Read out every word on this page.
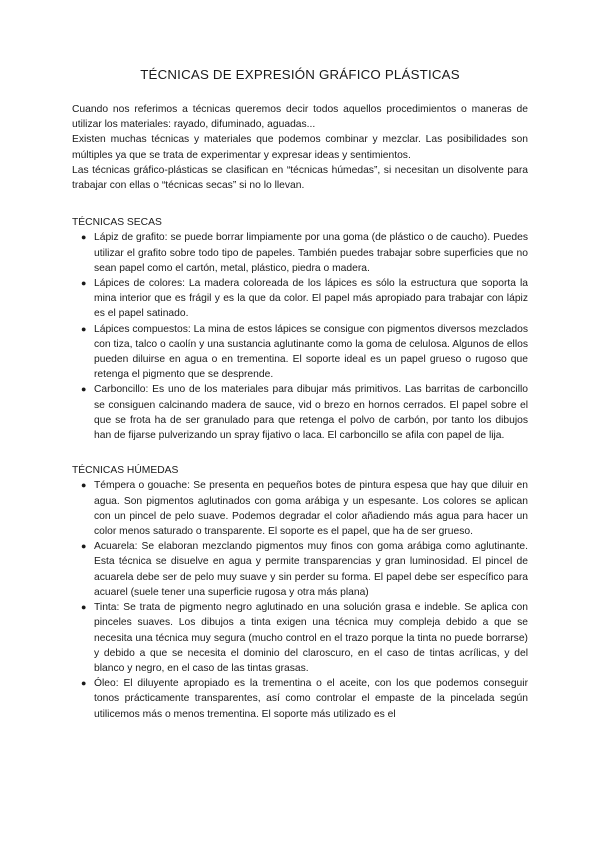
TÉCNICAS DE EXPRESIÓN GRÁFICO PLÁSTICAS

Cuando nos referimos a técnicas queremos decir todos aquellos procedimientos o maneras de utilizar los materiales: rayado, difuminado, aguadas...

Existen muchas técnicas y materiales que podemos combinar y mezclar. Las posibilidades son múltiples ya que se trata de experimentar y expresar ideas y sentimientos.

Las técnicas gráfico-plásticas se clasifican en “técnicas húmedas”, si necesitan un disolvente para trabajar con ellas o “técnicas secas” si no lo llevan.

TÉCNICAS SECAS
● Lápiz de grafito: se puede borrar limpiamente por una goma (de plástico o de caucho). Puedes utilizar el grafito sobre todo tipo de papeles. También puedes trabajar sobre superficies que no sean papel como el cartón, metal, plástico, piedra o madera.
● Lápices de colores: La madera coloreada de los lápices es sólo la estructura que soporta la mina interior que es frágil y es la que da color. El papel más apropiado para trabajar con lápiz es el papel satinado.
● Lápices compuestos: La mina de estos lápices se consigue con pigmentos diversos mezclados con tiza, talco o caolín y una sustancia aglutinante como la goma de celulosa. Algunos de ellos pueden diluirse en agua o en trementina. El soporte ideal es un papel grueso o rugoso que retenga el pigmento que se desprende.
● Carboncillo: Es uno de los materiales para dibujar más primitivos. Las barritas de carboncillo se consiguen calcinando madera de sauce, vid o brezo en hornos cerrados. El papel sobre el que se frota ha de ser granulado para que retenga el polvo de carbón, por tanto los dibujos han de fijarse pulverizando un spray fijativo o laca. El carboncillo se afila con papel de lija.
TÉCNICAS HÚMEDAS
● Témpera o gouache: Se presenta en pequeños botes de pintura espesa que hay que diluir en agua. Son pigmentos aglutinados con goma arábiga y un espesante. Los colores se aplican con un pincel de pelo suave. Podemos degradar el color añadiendo más agua para hacer un color menos saturado o transparente. El soporte es el papel, que ha de ser grueso.
● Acuarela: Se elaboran mezclando pigmentos muy finos con goma arábiga como aglutinante. Esta técnica se disuelve en agua y permite transparencias y gran luminosidad. El pincel de acuarela debe ser de pelo muy suave y sin perder su forma. El papel debe ser específico para acuarel (suele tener una superficie rugosa y otra más plana)
● Tinta: Se trata de pigmento negro aglutinado en una solución grasa e indeble. Se aplica con pinceles suaves. Los dibujos a tinta exigen una técnica muy compleja debido a que se necesita una técnica muy segura (mucho control en el trazo porque la tinta no puede borrarse) y debido a que se necesita el dominio del claroscuro, en el caso de tintas acrílicas, y del blanco y negro, en el caso de las tintas grasas.
● Óleo: El diluyente apropiado es la trementina o el aceite, con los que podemos conseguir tonos prácticamente transparentes, así como controlar el empaste de la pincelada según utilicemos más o menos trementina. El soporte más utilizado es el
